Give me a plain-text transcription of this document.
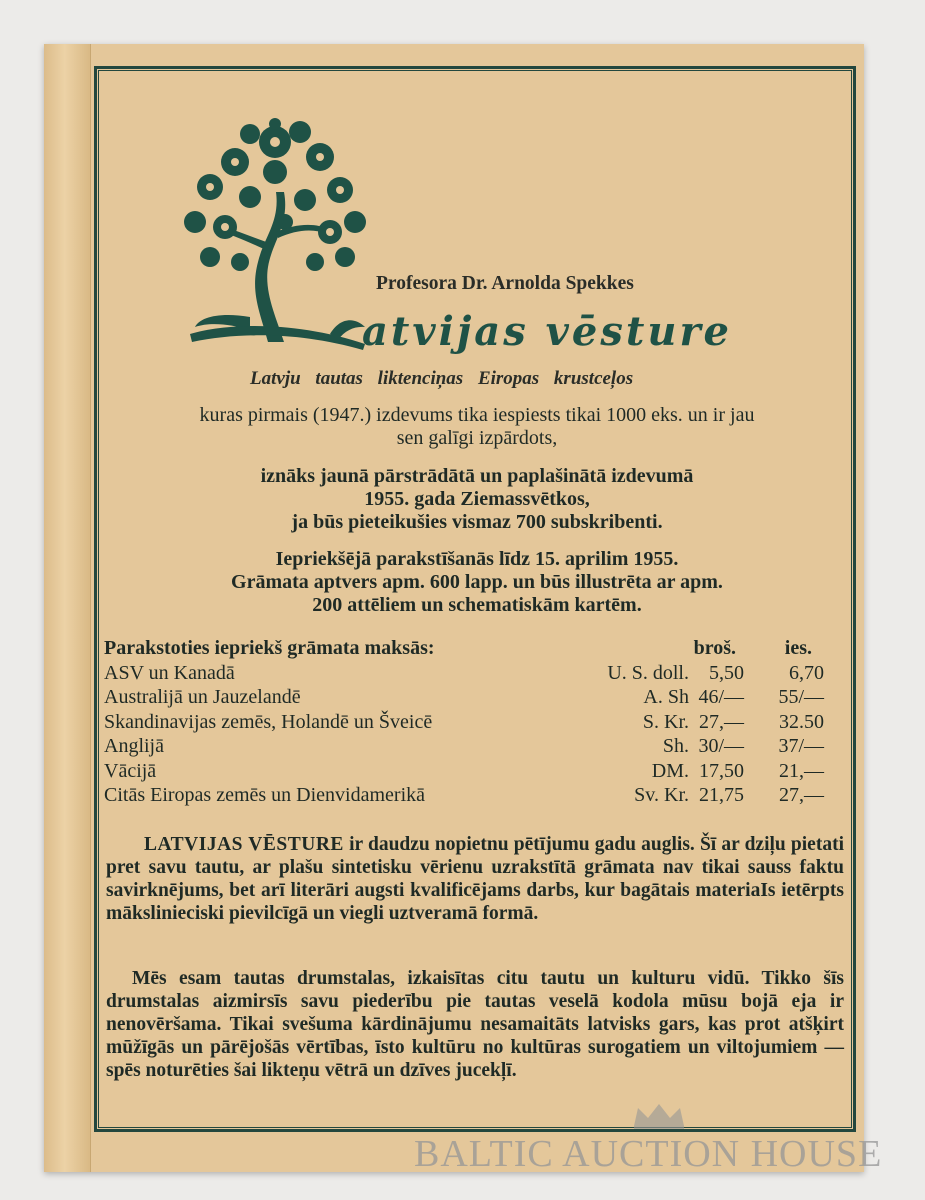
Profesora Dr. Arnolda Spekkes
atvijas vēsture
Latvju tautas liktenciņas Eiropas krustceļos
kuras pirmais (1947.) izdevums tika iespiests tikai 1000 eks. un ir jau
sen galīgi izpārdots,
iznāks jaunā pārstrādātā un paplašinātā izdevumā
1955. gada Ziemassvētkos,
ja būs pieteikušies vismaz 700 subskribenti.
Iepriekšējā parakstīšanās līdz 15. aprilim 1955.
Grāmata aptvers apm. 600 lapp. un būs illustrēta ar apm.
200 attēliem un schematiskām kartēm.
Parakstoties iepriekš grāmata maksās:	broš. ies.
ASV un Kanadā	U. S. doll. 5,50 6,70
Australijā un Jauzelandē	A. Sh 46/— 55/—
Skandinavijas zemēs, Holandē un Šveicē	S. Kr. 27,— 32.50
Anglijā	Sh. 30/— 37/—
Vācijā	DM. 17,50 21,—
Citās Eiropas zemēs un Dienvidamerikā	Sv. Kr. 21,75 27,—
LATVIJAS VĒSTURE ir daudzu nopietnu pētījumu gadu auglis. Šī ar dziļu pietati pret savu tautu, ar plašu sintetisku vērienu uzrakstītā grāmata nav tikai sauss faktu savirknējums, bet arī literāri augsti kvalificējams darbs, kur bagātais materiaIs ietērpts mākslinieciski pievilcīgā un viegli uztveramā formā.
Mēs esam tautas drumstalas, izkaisītas citu tautu un kulturu vidū. Tikko šīs drumstalas aizmirsīs savu piederību pie tautas veselā kodola mūsu bojā eja ir nenovēršama. Tikai svešuma kārdinājumu nesamaitāts latvisks gars, kas prot atšķirt mūžīgās un pārējošās vērtības, īsto kultūru no kultūras surogatiem un viltojumiem — spēs noturēties šai likteņu vētrā un dzīves jucekļī.
BALTIC AUCTION HOUSE
